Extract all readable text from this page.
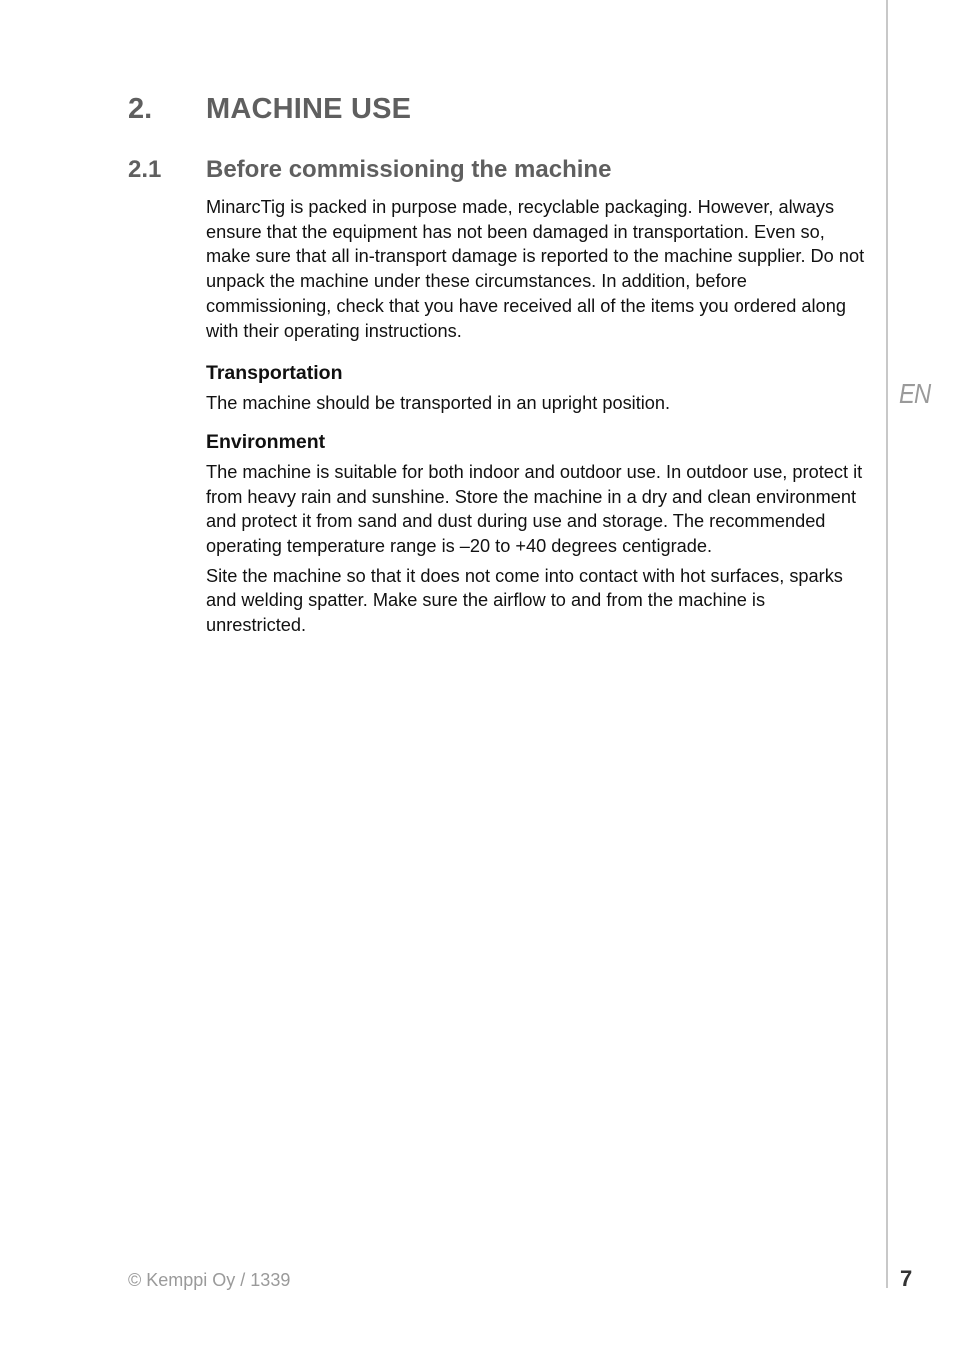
EN
2. MACHINE USE
2.1 Before commissioning the machine

MinarcTig is packed in purpose made, recyclable packaging. However, always ensure that the equipment has not been damaged in transportation. Even so, make sure that all in-transport damage is reported to the machine supplier. Do not unpack the machine under these circumstances. In addition, before commissioning, check that you have received all of the items you ordered along with their operating instructions.

Transportation

The machine should be transported in an upright position.

Environment

The machine is suitable for both indoor and outdoor use. In outdoor use, protect it from heavy rain and sunshine. Store the machine in a dry and clean environment and protect it from sand and dust during use and storage. The recommended operating temperature range is –20 to +40 degrees centigrade.

Site the machine so that it does not come into contact with hot surfaces, sparks and welding spatter. Make sure the airflow to and from the machine is unrestricted.

© Kemppi Oy / 1339	7
